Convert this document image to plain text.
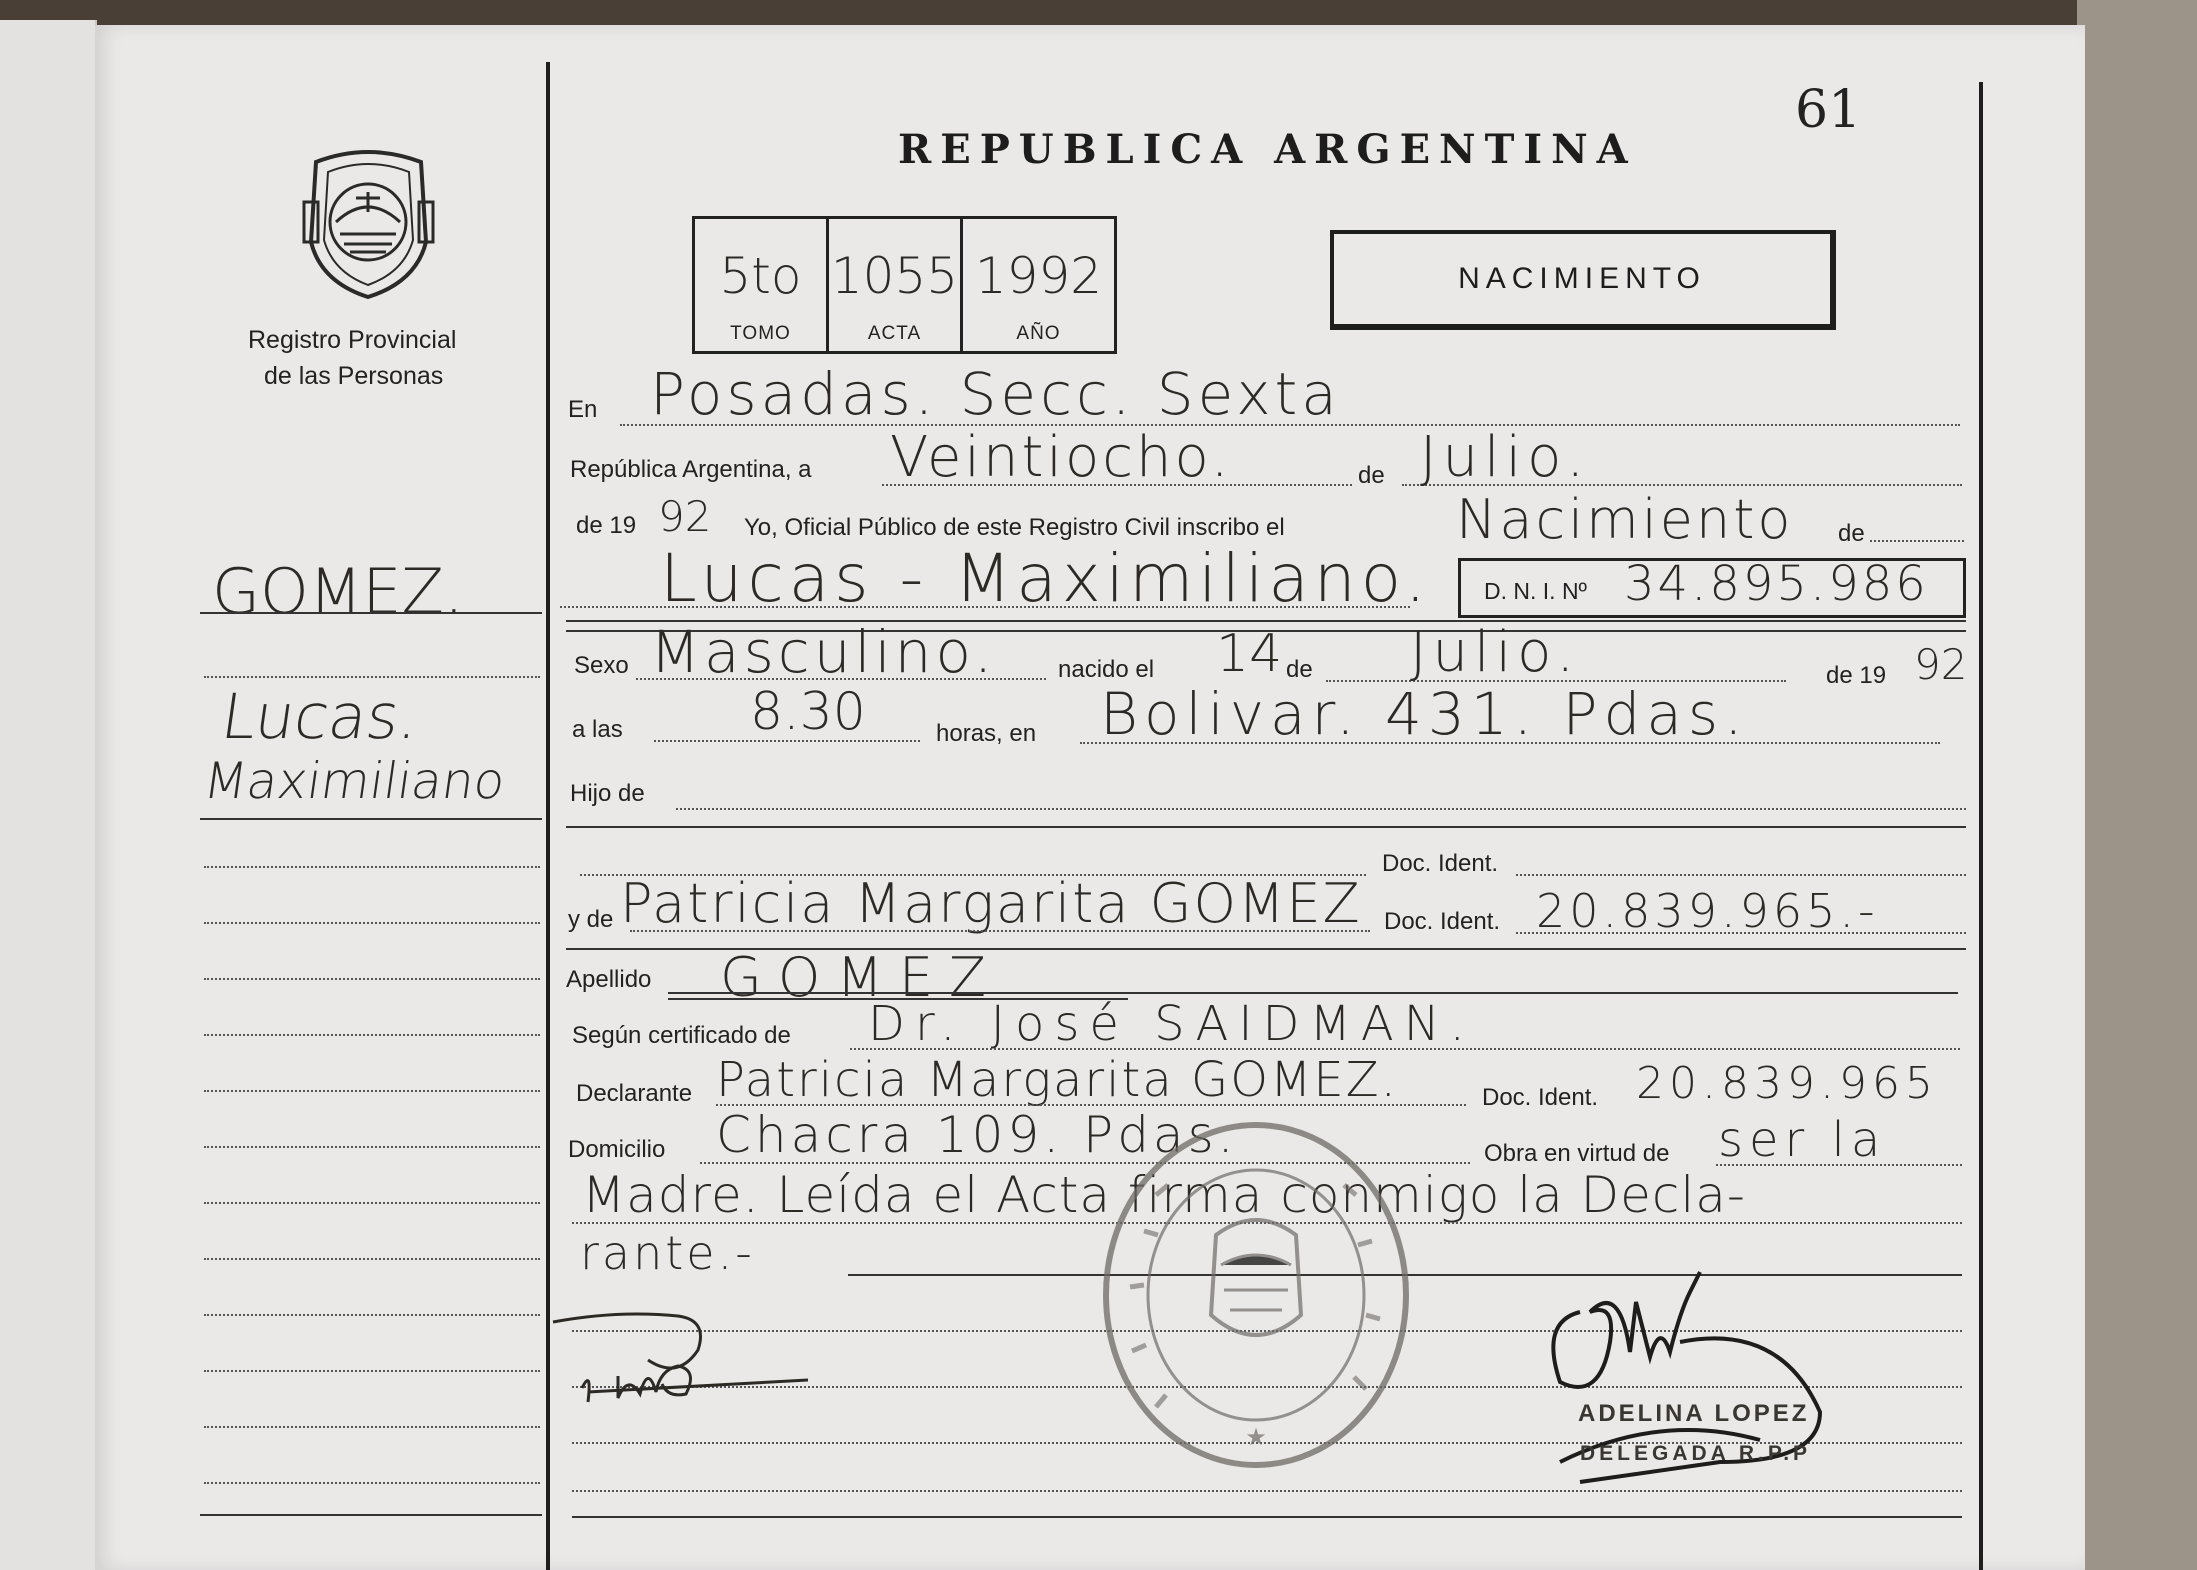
61
Registro Provincial
de las Personas
REPUBLICA ARGENTINA
5to
TOMO
1055
ACTA
1992
AÑO
NACIMIENTO
GOMEZ.
Lucas.
Maximiliano
En Posadas. Secc. Sexta
República Argentina, a Veintiocho.	de Julio.
de 19 92 Yo, Oficial Público de este Registro Civil inscribo el	Nacimiento de
Lucas - Maximiliano. D. N. I. Nº 34.895.986
Sexo Masculino.	nacido el 14 de Julio.	de 19 92
a las 8.30	horas, en Bolivar. 431. Pdas.
Hijo de
Doc. Ident.
y de Patricia Margarita GOMEZ Doc. Ident. 20.839.965.-
Apellido GOMEZ
Según certificado de Dr. José SAIDMAN.
Declarante Patricia Margarita GOMEZ.	Doc. Ident. 20.839.965
Domicilio Chacra 109. Pdas.	Obra en virtud de ser la
Madre. Leída el Acta firma conmigo la Decla-
rante.-
★
ADELINA LOPEZ
DELEGADA R.P.P
